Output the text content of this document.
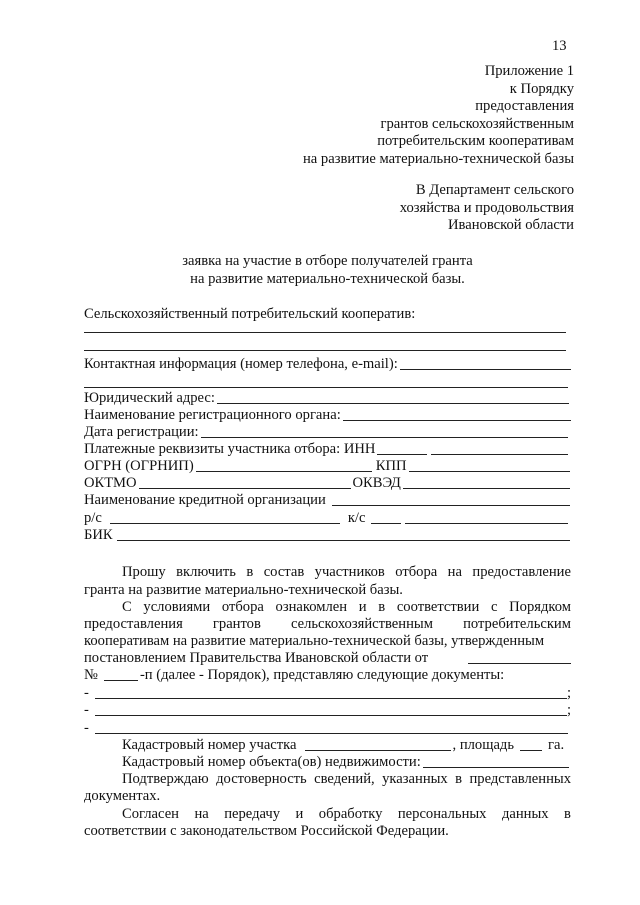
13
Приложение 1
к Порядку
предоставления
грантов сельскохозяйственным
потребительским кооперативам
на развитие материально-технической базы
В Департамент сельского
хозяйства и продовольствия
Ивановской области
заявка на участие в отборе получателей гранта
на развитие материально-технической базы.
Сельскохозяйственный потребительский кооператив:
Контактная информация (номер телефона, e-mail):
Юридический адрес:
Наименование регистрационного органа:
Дата регистрации:
Платежные реквизиты участника отбора: ИНН
ОГРН (ОГРНИП)	КПП
ОКТМО	ОКВЭД
Наименование кредитной организации
р/с	к/с
БИК
Прошу включить в состав участников отбора на предоставление
гранта на развитие материально-технической базы.
С условиями отбора ознакомлен и в соответствии с Порядком
предоставления грантов сельскохозяйственным потребительским
кооперативам на развитие материально-технической базы, утвержденным
постановлением Правительства Ивановской области от
№	-п (далее - Порядок), представляю следующие документы:
-	;
-	;
-
Кадастровый номер участка	, площадь га.
Кадастровый номер объекта(ов) недвижимости:
Подтверждаю достоверность сведений, указанных в представленных
документах.
Согласен на передачу и обработку персональных данных в
соответствии с законодательством Российской Федерации.
